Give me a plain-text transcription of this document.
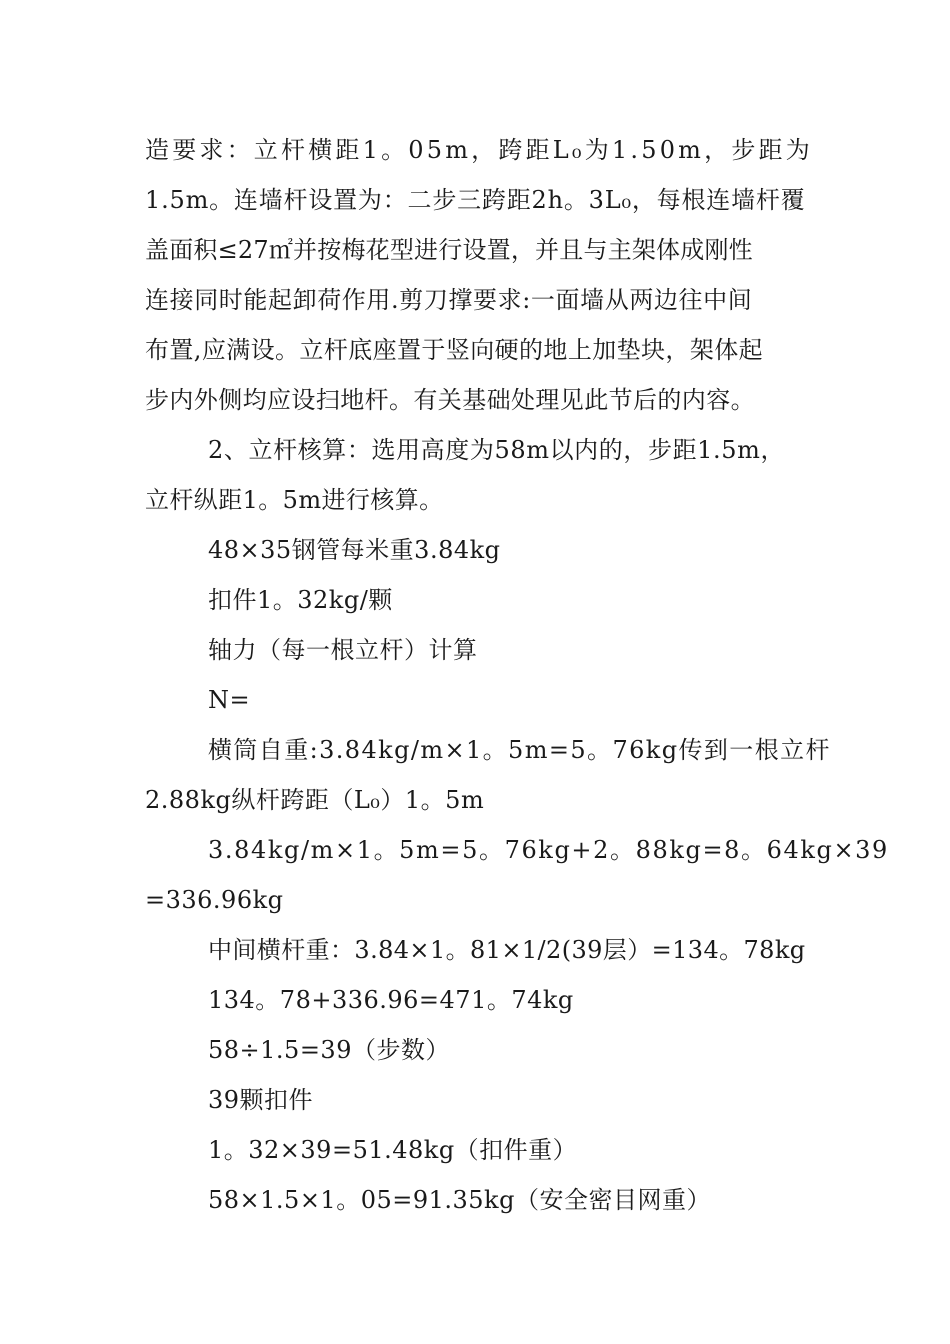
造要求：立杆横距1。05m，跨距L₀为1.50m，步距为
1.5m。连墙杆设置为：二步三跨距2h。3L₀，每根连墙杆覆
盖面积≤27㎡并按梅花型进行设置，并且与主架体成刚性
连接同时能起卸荷作用.剪刀撑要求:一面墙从两边往中间
布置,应满设。立杆底座置于竖向硬的地上加垫块，架体起
步内外侧均应设扫地杆。有关基础处理见此节后的内容。
2、立杆核算：选用高度为58m以内的，步距1.5m，
立杆纵距1。5m进行核算。
48×35钢管每米重3.84kg
扣件1。32kg/颗
轴力（每一根立杆）计算
N=
横筒自重:3.84kg/m×1。5m=5。76kg传到一根立杆
2.88kg纵杆跨距（L₀）1。5m
3.84kg/m×1。5m=5。76kg+2。88kg=8。64kg×39
=336.96kg
中间横杆重：3.84×1。81×1/2(39层）=134。78kg
134。78+336.96=471。74kg
58÷1.5=39（步数）
39颗扣件
1。32×39=51.48kg（扣件重）
58×1.5×1。05=91.35kg（安全密目网重）
